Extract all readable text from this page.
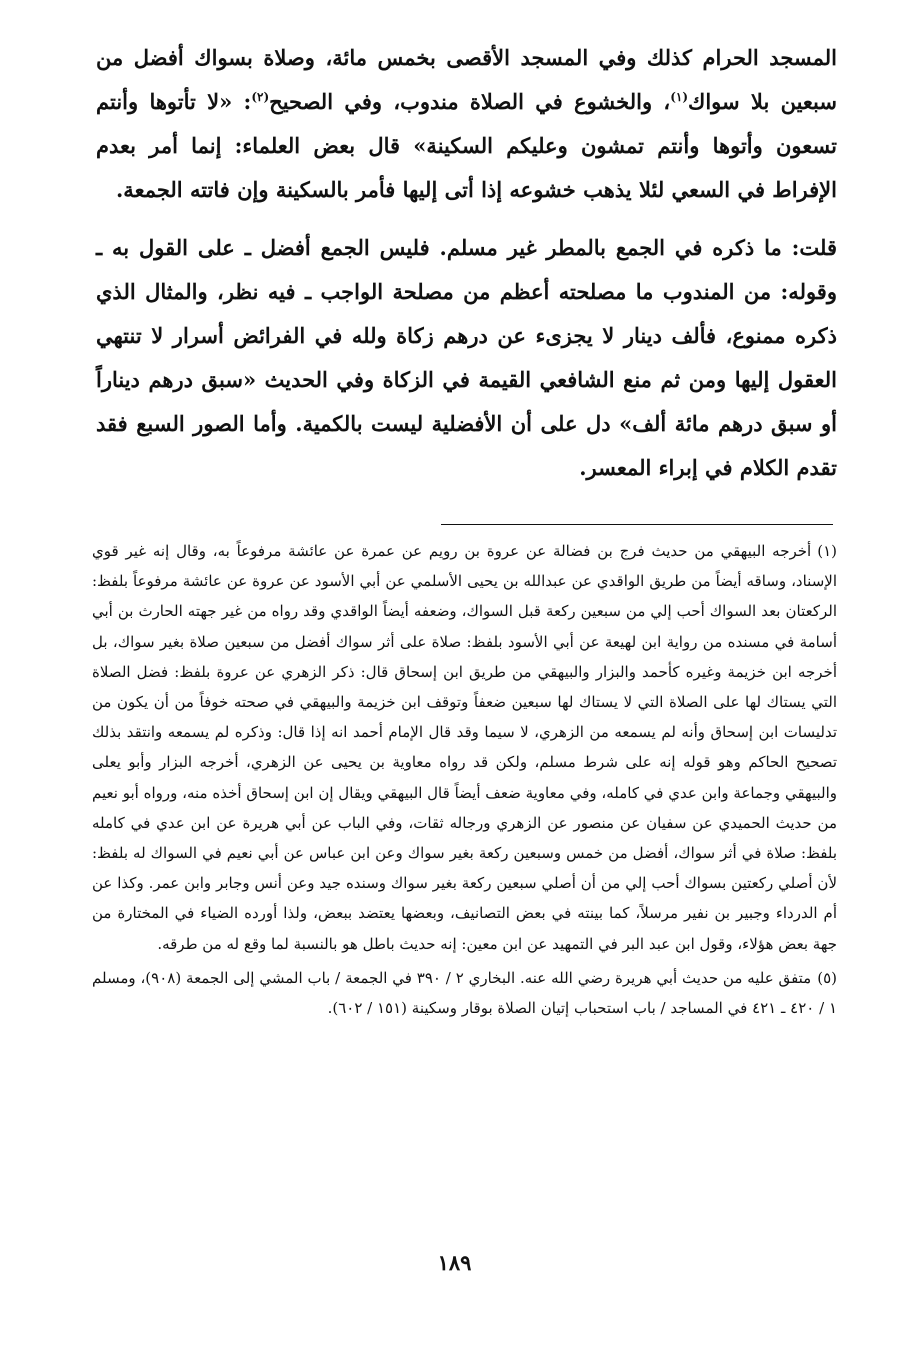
المسجد الحرام كذلك وفي المسجد الأقصى بخمس مائة، وصلاة بسواك أفضل من سبعين بلا سواك$^{(١)}$، والخشوع في الصلاة مندوب، وفي الصحيح$^{(٢)}$: «لا تأتوها وأنتم تسعون وأتوها وأنتم تمشون وعليكم السكينة» قال بعض العلماء: إنما أمر بعدم الإفراط في السعي لئلا يذهب خشوعه إذا أتى إليها فأمر بالسكينة وإن فاتته الجمعة.

قلت: ما ذكره في الجمع بالمطر غير مسلم. فليس الجمع أفضل ـ على القول به ـ وقوله: من المندوب ما مصلحته أعظم من مصلحة الواجب ـ فيه نظر، والمثال الذي ذكره ممنوع، فألف دينار لا يجزىء عن درهم زكاة ولله في الفرائض أسرار لا تنتهي العقول إليها ومن ثم منع الشافعي القيمة في الزكاة وفي الحديث «سبق درهم ديناراً أو سبق درهم مائة ألف» دل على أن الأفضلية ليست بالكمية. وأما الصور السبع فقد تقدم الكلام في إبراء المعسر.

(١)أخرجه البيهقي من حديث فرج بن فضالة عن عروة بن رويم عن عمرة عن عائشة مرفوعاً به، وقال إنه غير قوي الإسناد، وساقه أيضاً من طريق الواقدي عن عبدالله بن يحيى الأسلمي عن أبي الأسود عن عروة عن عائشة مرفوعاً بلفظ: الركعتان بعد السواك أحب إلي من سبعين ركعة قبل السواك، وضعفه أيضاً الواقدي وقد رواه من غير جهته الحارث بن أبي أسامة في مسنده من رواية ابن لهيعة عن أبي الأسود بلفظ: صلاة على أثر سواك أفضل من سبعين صلاة بغير سواك، بل أخرجه ابن خزيمة وغيره كأحمد والبزار والبيهقي من طريق ابن إسحاق قال: ذكر الزهري عن عروة بلفظ: فضل الصلاة التي يستاك لها على الصلاة التي لا يستاك لها سبعين ضعفاً وتوقف ابن خزيمة والبيهقي في صحته خوفاً من أن يكون من تدليسات ابن إسحاق وأنه لم يسمعه من الزهري، لا سيما وقد قال الإمام أحمد انه إذا قال: وذكره لم يسمعه وانتقد بذلك تصحيح الحاكم وهو قوله إنه على شرط مسلم، ولكن قد رواه معاوية بن يحيى عن الزهري، أخرجه البزار وأبو يعلى والبيهقي وجماعة وابن عدي في كامله، وفي معاوية ضعف أيضاً قال البيهقي ويقال إن ابن إسحاق أخذه منه، ورواه أبو نعيم من حديث الحميدي عن سفيان عن منصور عن الزهري ورجاله ثقات، وفي الباب عن أبي هريرة عن ابن عدي في كامله بلفظ: صلاة في أثر سواك، أفضل من خمس وسبعين ركعة بغير سواك وعن ابن عباس عن أبي نعيم في السواك له بلفظ: لأن أصلي ركعتين بسواك أحب إلي من أن أصلي سبعين ركعة بغير سواك وسنده جيد وعن أنس وجابر وابن عمر. وكذا عن أم الدرداء وجبير بن نفير مرسلاً، كما بينته في بعض التصانيف، وبعضها يعتضد ببعض، ولذا أورده الضياء في المختارة من جهة بعض هؤلاء، وقول ابن عبد البر في التمهيد عن ابن معين: إنه حديث باطل هو بالنسبة لما وقع له من طرقه.

(٥)متفق عليه من حديث أبي هريرة رضي الله عنه. البخاري ٢ / ٣٩٠ في الجمعة / باب المشي إلى الجمعة (٩٠٨)، ومسلم ١ / ٤٢٠ ـ ٤٢١ في المساجد / باب استحباب إتيان الصلاة بوقار وسكينة (١٥١ / ٦٠٢).

١٨٩
